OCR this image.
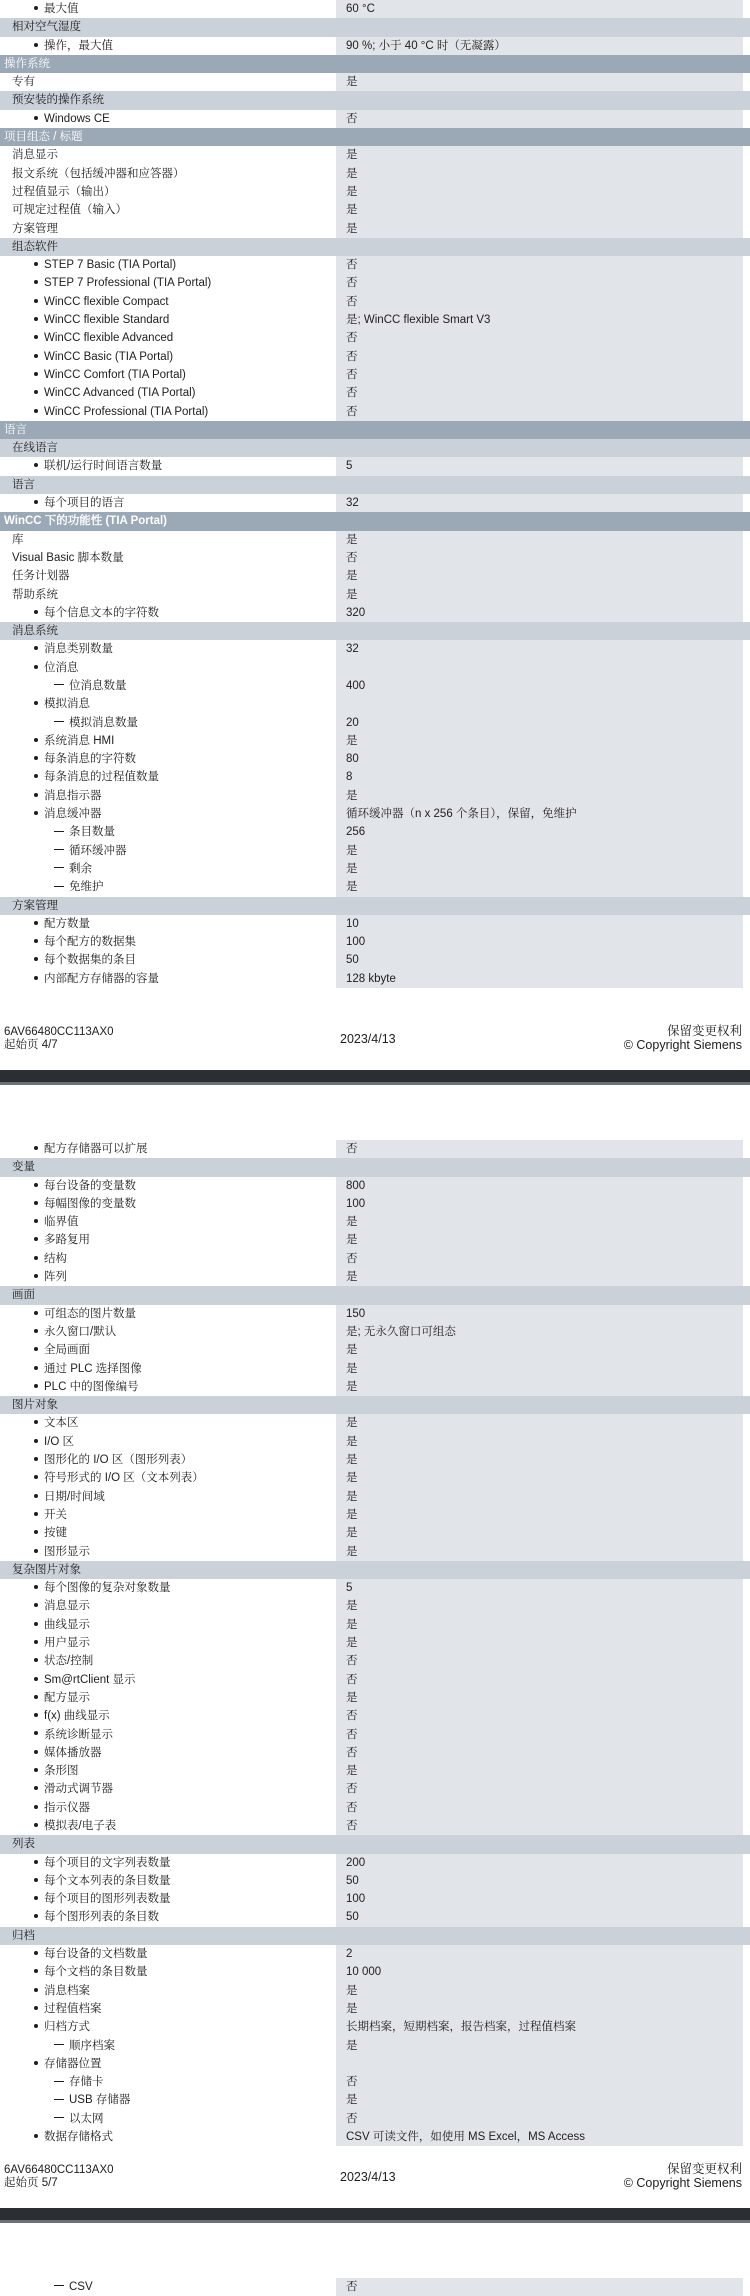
最大值	60 °C
相对空气湿度
操作，最大值	90 %; 小于 40 °C 时（无凝露）
操作系统
专有	是
预安装的操作系统
Windows CE	否
项目组态 / 标题
消息显示	是
报文系统（包括缓冲器和应答器）	是
过程值显示（输出）	是
可规定过程值（输入）	是
方案管理	是
组态软件
STEP 7 Basic (TIA Portal)	否
STEP 7 Professional (TIA Portal)	否
WinCC flexible Compact	否
WinCC flexible Standard	是; WinCC flexible Smart V3
WinCC flexible Advanced	否
WinCC Basic (TIA Portal)	否
WinCC Comfort (TIA Portal)	否
WinCC Advanced (TIA Portal)	否
WinCC Professional (TIA Portal)	否
语言
在线语言
联机/运行时间语言数量	5
语言
每个项目的语言	32
WinCC 下的功能性 (TIA Portal)
库	是
Visual Basic 脚本数量	否
任务计划器	是
帮助系统	是
每个信息文本的字符数	320
消息系统
消息类别数量	32
位消息
位消息数量	400
模拟消息
模拟消息数量	20
系统消息 HMI	是
每条消息的字符数	80
每条消息的过程值数量	8
消息指示器	是
消息缓冲器	循环缓冲器（n x 256 个条目），保留，免维护
条目数量	256
循环缓冲器	是
剩余	是
免维护	是
方案管理
配方数量	10
每个配方的数据集	100
每个数据集的条目	50
内部配方存储器的容量	128 kbyte
6AV66480CC113AX0
起始页 4/7	2023/4/13
保留变更权利
© Copyright Siemens
配方存储器可以扩展	否
变量
每台设备的变量数	800
每幅图像的变量数	100
临界值	是
多路复用	是
结构	否
阵列	是
画面
可组态的图片数量	150
永久窗口/默认	是; 无永久窗口可组态
全局画面	是
通过 PLC 选择图像	是
PLC 中的图像编号	是
图片对象
文本区	是
I/O 区	是
图形化的 I/O 区（图形列表）	是
符号形式的 I/O 区（文本列表）	是
日期/时间域	是
开关	是
按键	是
图形显示	是
复杂图片对象
每个图像的复杂对象数量	5
消息显示	是
曲线显示	是
用户显示	是
状态/控制	否
Sm@rtClient 显示	否
配方显示	是
f(x) 曲线显示	否
系统诊断显示	否
媒体播放器	否
条形图	是
滑动式调节器	否
指示仪器	否
模拟表/电子表	否
列表
每个项目的文字列表数量	200
每个文本列表的条目数量	50
每个项目的图形列表数量	100
每个图形列表的条目数	50
归档
每台设备的文档数量	2
每个文档的条目数量	10 000
消息档案	是
过程值档案	是
归档方式	长期档案，短期档案，报告档案，过程值档案
顺序档案	是
存储器位置
存储卡	否
USB 存储器	是
以太网	否
数据存储格式	CSV 可读文件，如使用 MS Excel，MS Access
6AV66480CC113AX0
起始页 5/7	2023/4/13
保留变更权利
© Copyright Siemens
CSV	否
